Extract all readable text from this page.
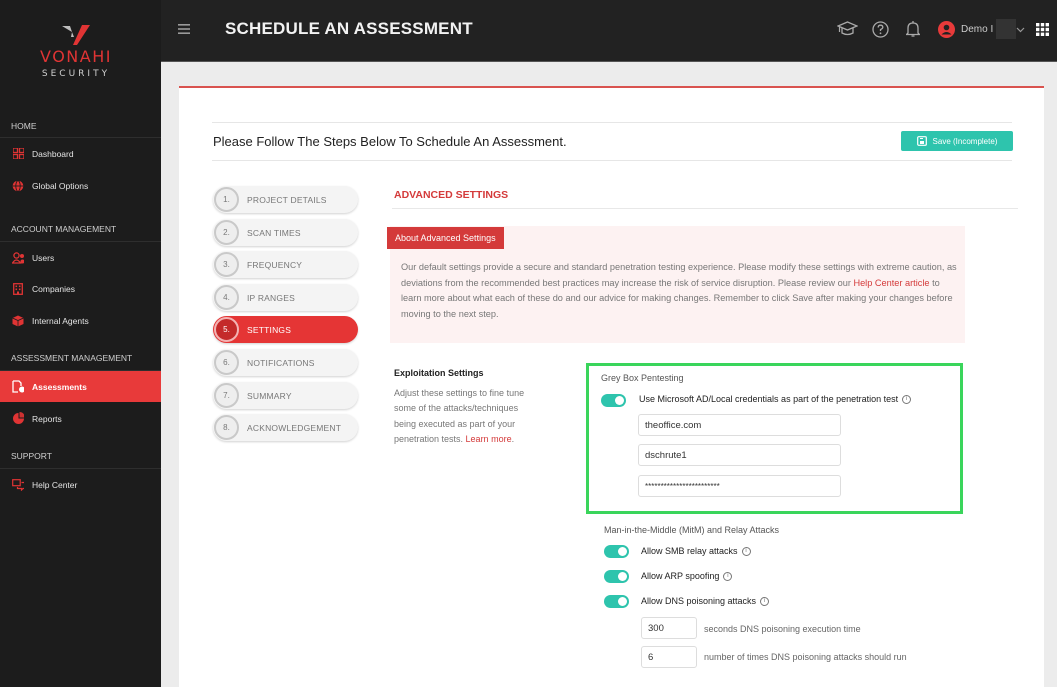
VONAHI
SECURITY
HOME
Dashboard
Global Options
ACCOUNT MANAGEMENT
Users
Companies
Internal Agents
ASSESSMENT MANAGEMENT
Assessments
Reports
SUPPORT
Help Center
SCHEDULE AN ASSESSMENT	Demo I
Please Follow The Steps Below To Schedule An Assessment.	Save (Incomplete)
1.	PROJECT DETAILS
2.	SCAN TIMES
3.	FREQUENCY
4.	IP RANGES
5.	SETTINGS
6.	NOTIFICATIONS
7.	SUMMARY
8.	ACKNOWLEDGEMENT
ADVANCED SETTINGS
About Advanced Settings
Our default settings provide a secure and standard penetration testing experience. Please modify these settings with extreme caution, as deviations from the recommended best practices may increase the risk of service disruption. Please review our Help Center article to learn more about what each of these do and our advice for making changes. Remember to click Save after making your changes before moving to the next step.
Exploitation Settings
Adjust these settings to fine tune some of the attacks/techniques being executed as part of your penetration tests. Learn more.
Grey Box Pentesting
Use Microsoft AD/Local credentials as part of the penetration test i
theoffice.com
dschrute1
************************
Man-in-the-Middle (MitM) and Relay Attacks
Allow SMB relay attacks i
Allow ARP spoofing i
Allow DNS poisoning attacks i
300	seconds DNS poisoning execution time
6	number of times DNS poisoning attacks should run
